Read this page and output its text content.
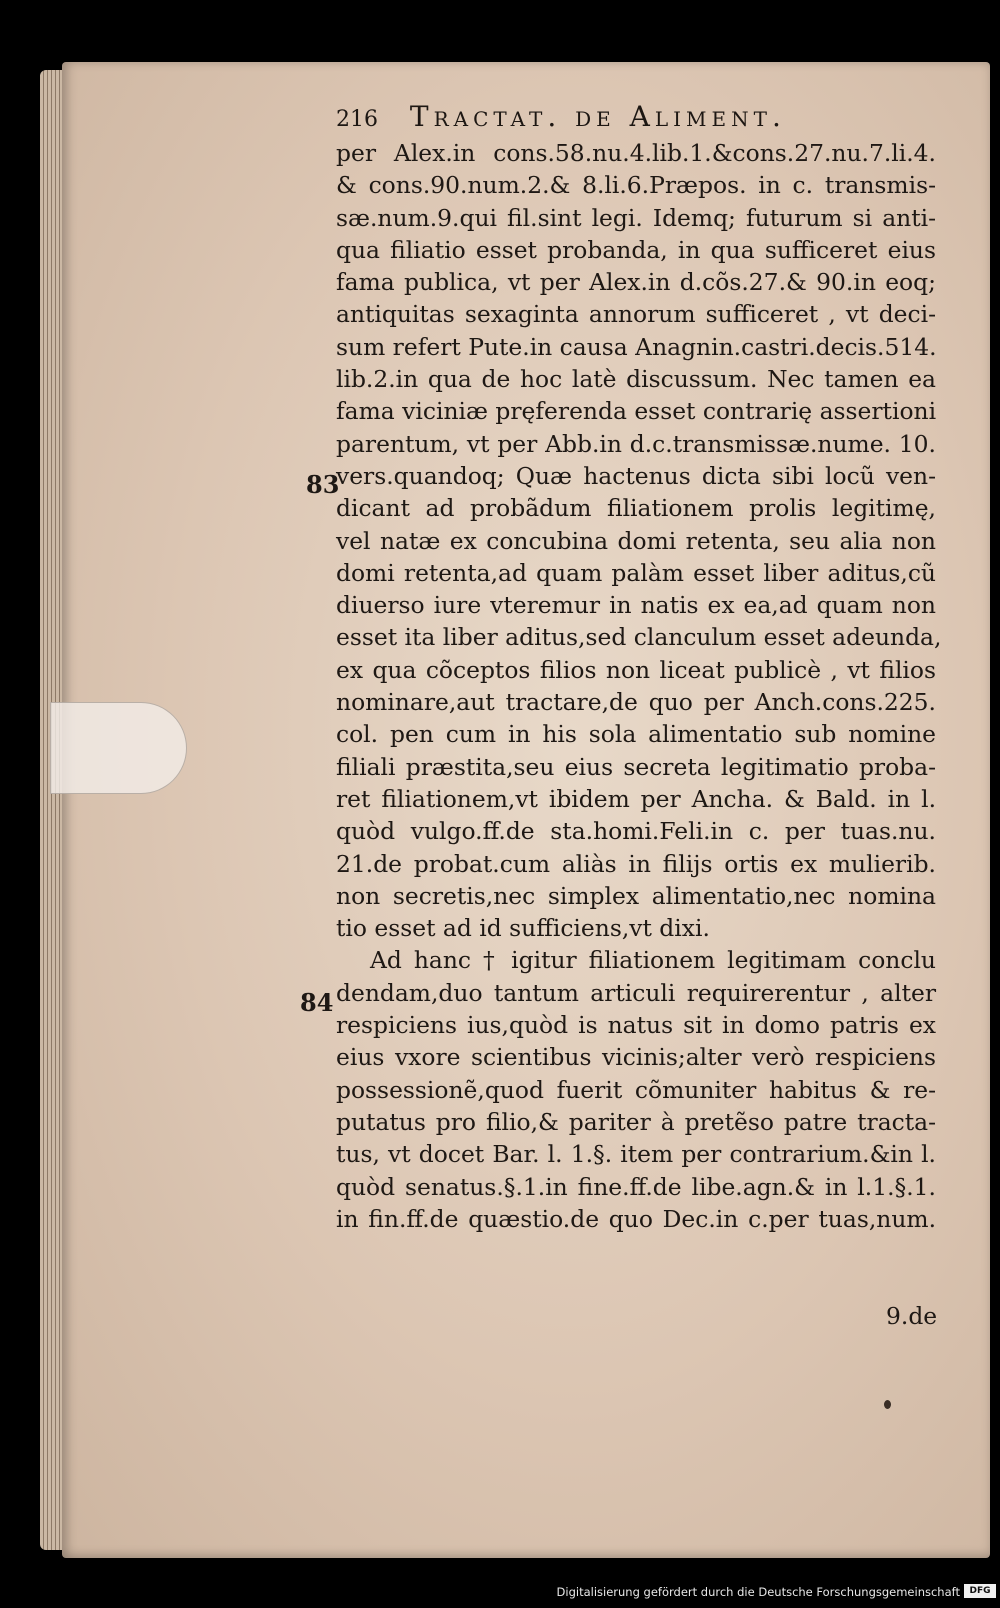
216 Tractat. de Aliment.
83
84
per Alex.in cons.58.nu.4.lib.1.&cons.27.nu.7.li.4.
& cons.90.num.2.& 8.li.6.Præpos. in c. transmis-
sæ.num.9.qui fil.sint legi. Idemq; futurum si anti-
qua filiatio esset probanda, in qua sufficeret eius
fama publica, vt per Alex.in d.cõs.27.& 90.in eoq;
antiquitas sexaginta annorum sufficeret , vt deci-
sum refert Pute.in causa Anagnin.castri.decis.514.
lib.2.in qua de hoc latè discussum. Nec tamen ea
fama viciniæ pręferenda esset contrarię assertioni
parentum, vt per Abb.in d.c.transmissæ.nume. 10.
vers.quandoq; Quæ hactenus dicta sibi locũ ven-
dicant ad probãdum filiationem prolis legitimę,
vel natæ ex concubina domi retenta, seu alia non
domi retenta,ad quam palàm esset liber aditus,cũ
diuerso iure vteremur in natis ex ea,ad quam non
esset ita liber aditus,sed clanculum esset adeunda,
ex qua cõceptos filios non liceat publicè , vt filios
nominare,aut tractare,de quo per Anch.cons.225.
col. pen cum in his sola alimentatio sub nomine
filiali præstita,seu eius secreta legitimatio proba-
ret filiationem,vt ibidem per Ancha. & Bald. in l.
quòd vulgo.ff.de sta.homi.Feli.in c. per tuas.nu.
21.de probat.cum aliàs in filijs ortis ex mulierib.
non secretis,nec simplex alimentatio,nec nomina
tio esset ad id sufficiens,vt dixi.
Ad hanc † igitur filiationem legitimam conclu
dendam,duo tantum articuli requirerentur , alter
respiciens ius,quòd is natus sit in domo patris ex
eius vxore scientibus vicinis;alter verò respiciens
possessionẽ,quod fuerit cõmuniter habitus & re-
putatus pro filio,& pariter à pretẽso patre tracta-
tus, vt docet Bar. l. 1.§. item per contrarium.&in l.
quòd senatus.§.1.in fine.ff.de libe.agn.& in l.1.§.1.
in fin.ff.de quæstio.de quo Dec.in c.per tuas,num.
9.de
Digitalisierung gefördert durch die Deutsche Forschungsgemeinschaft	DFG
